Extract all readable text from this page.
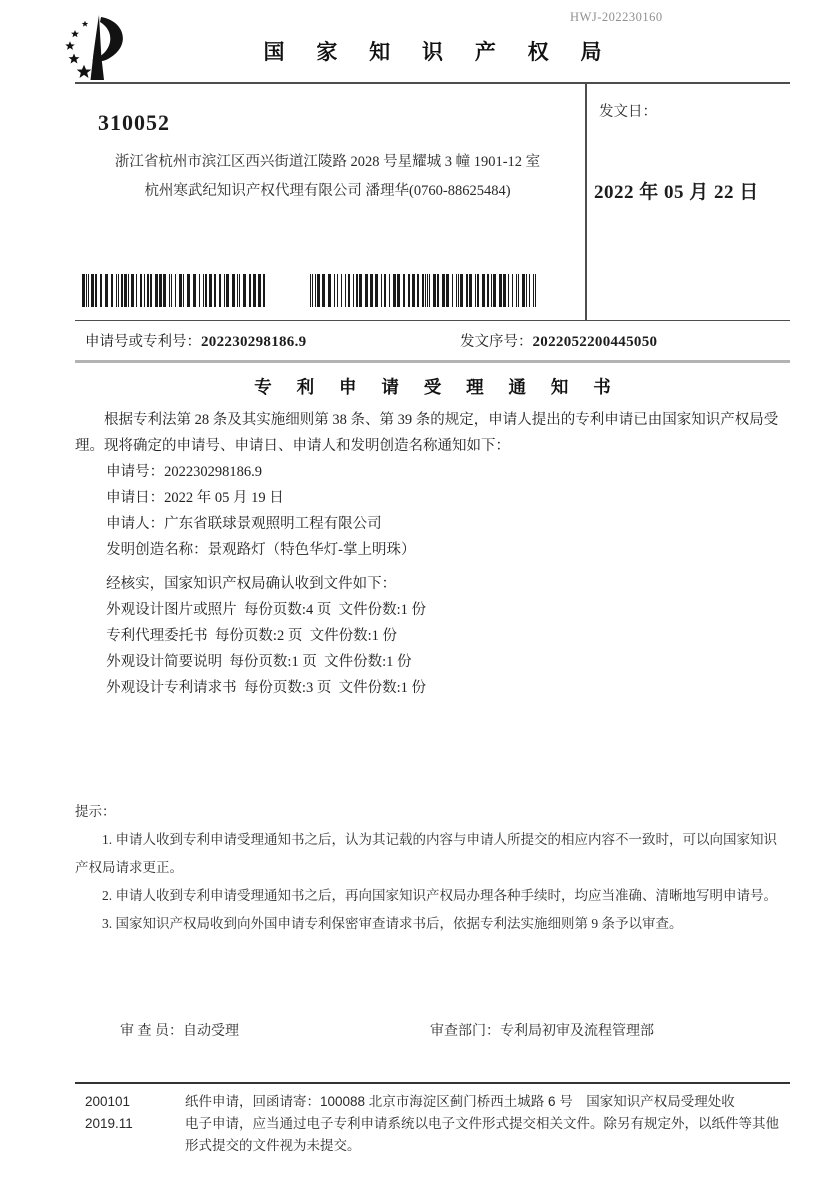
HWJ-202230160
国 家 知 识 产 权 局
310052
浙江省杭州市滨江区西兴街道江陵路 2028 号星耀城 3 幢 1901-12 室
杭州寒武纪知识产权代理有限公司 潘理华(0760-88625484)
发文日：
2022 年 05 月 22 日
申请号或专利号：202230298186.9	发文序号：2022052200445050
专 利 申 请 受 理 通 知 书

根据专利法第 28 条及其实施细则第 38 条、第 39 条的规定，申请人提出的专利申请已由国家知识产权局受理。现将确定的申请号、申请日、申请人和发明创造名称通知如下：

申请号：202230298186.9
申请日：2022 年 05 月 19 日
申请人：广东省联球景观照明工程有限公司
发明创造名称：景观路灯（特色华灯-掌上明珠）
经核实，国家知识产权局确认收到文件如下：
外观设计图片或照片 每份页数:4 页 文件份数:1 份
专利代理委托书 每份页数:2 页 文件份数:1 份
外观设计简要说明 每份页数:1 页 文件份数:1 份
外观设计专利请求书 每份页数:3 页 文件份数:1 份

提示：

1. 申请人收到专利申请受理通知书之后，认为其记载的内容与申请人所提交的相应内容不一致时，可以向国家知识产权局请求更正。

2. 申请人收到专利申请受理通知书之后，再向国家知识产权局办理各种手续时，均应当准确、清晰地写明申请号。

3. 国家知识产权局收到向外国申请专利保密审查请求书后，依据专利法实施细则第 9 条予以审查。

审 查 员：自动受理	审查部门：专利局初审及流程管理部
200101	纸件申请，回函请寄：100088 北京市海淀区蓟门桥西土城路 6 号　国家知识产权局受理处收
2019.11	电子申请，应当通过电子专利申请系统以电子文件形式提交相关文件。除另有规定外，以纸件等其他形式提交的文件视为未提交。
